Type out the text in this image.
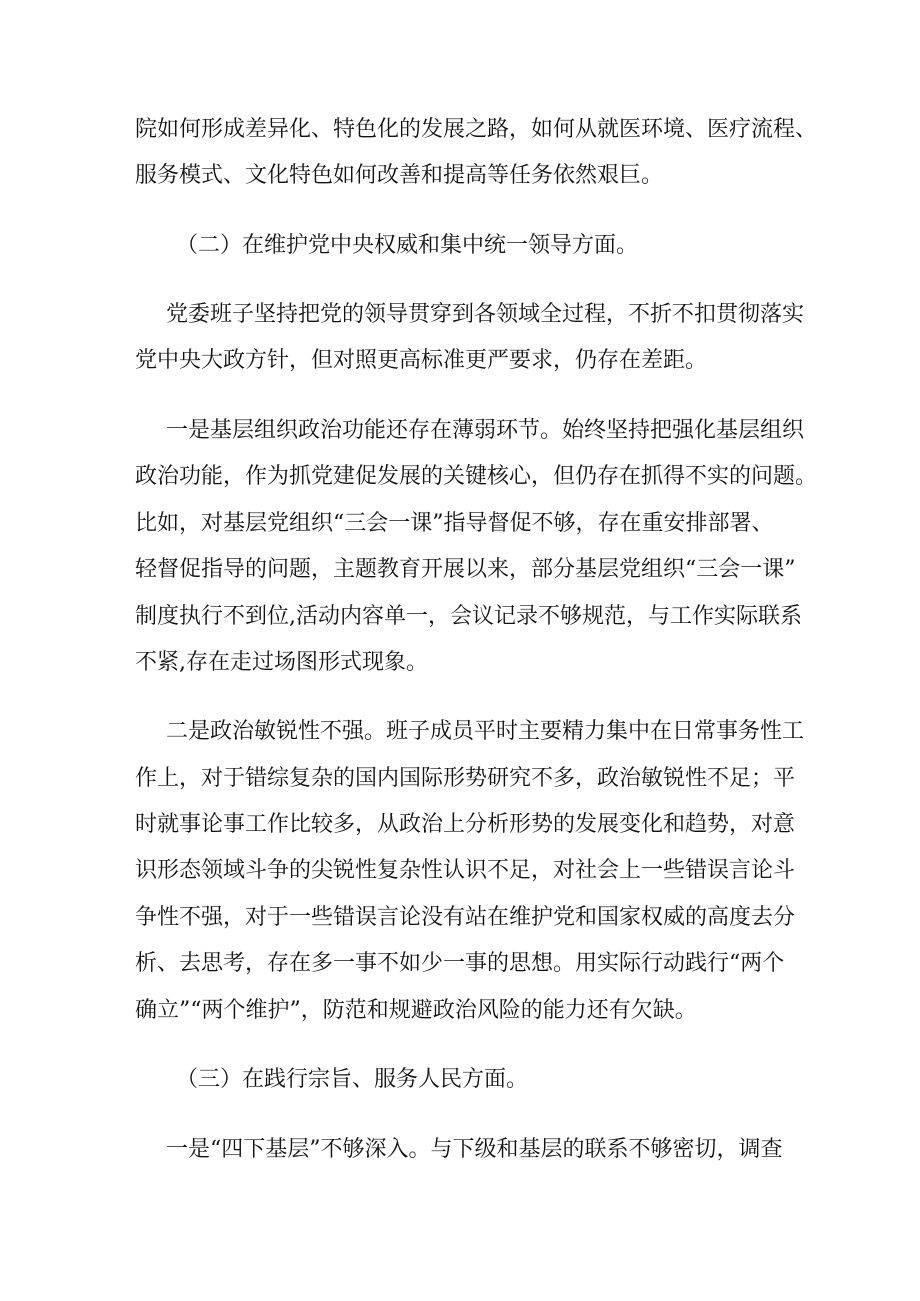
院如何形成差异化、特色化的发展之路，如何从就医环境、医疗流程、
服务模式、文化特色如何改善和提高等任务依然艰巨。
（二）在维护党中央权威和集中统一领导方面。
党委班子坚持把党的领导贯穿到各领域全过程，不折不扣贯彻落实
党中央大政方针，但对照更高标准更严要求，仍存在差距。
一是基层组织政治功能还存在薄弱环节。始终坚持把强化基层组织
政治功能，作为抓党建促发展的关键核心，但仍存在抓得不实的问题。
比如，对基层党组织“三会一课”指导督促不够，存在重安排部署、
轻督促指导的问题，主题教育开展以来，部分基层党组织“三会一课”
制度执行不到位,活动内容单一，会议记录不够规范，与工作实际联系
不紧,存在走过场图形式现象。
二是政治敏锐性不强。班子成员平时主要精力集中在日常事务性工
作上，对于错综复杂的国内国际形势研究不多，政治敏锐性不足；平
时就事论事工作比较多，从政治上分析形势的发展变化和趋势，对意
识形态领域斗争的尖锐性复杂性认识不足，对社会上一些错误言论斗
争性不强，对于一些错误言论没有站在维护党和国家权威的高度去分
析、去思考，存在多一事不如少一事的思想。用实际行动践行“两个
确立”“两个维护”，防范和规避政治风险的能力还有欠缺。
（三）在践行宗旨、服务人民方面。
一是“四下基层”不够深入。与下级和基层的联系不够密切，调查
